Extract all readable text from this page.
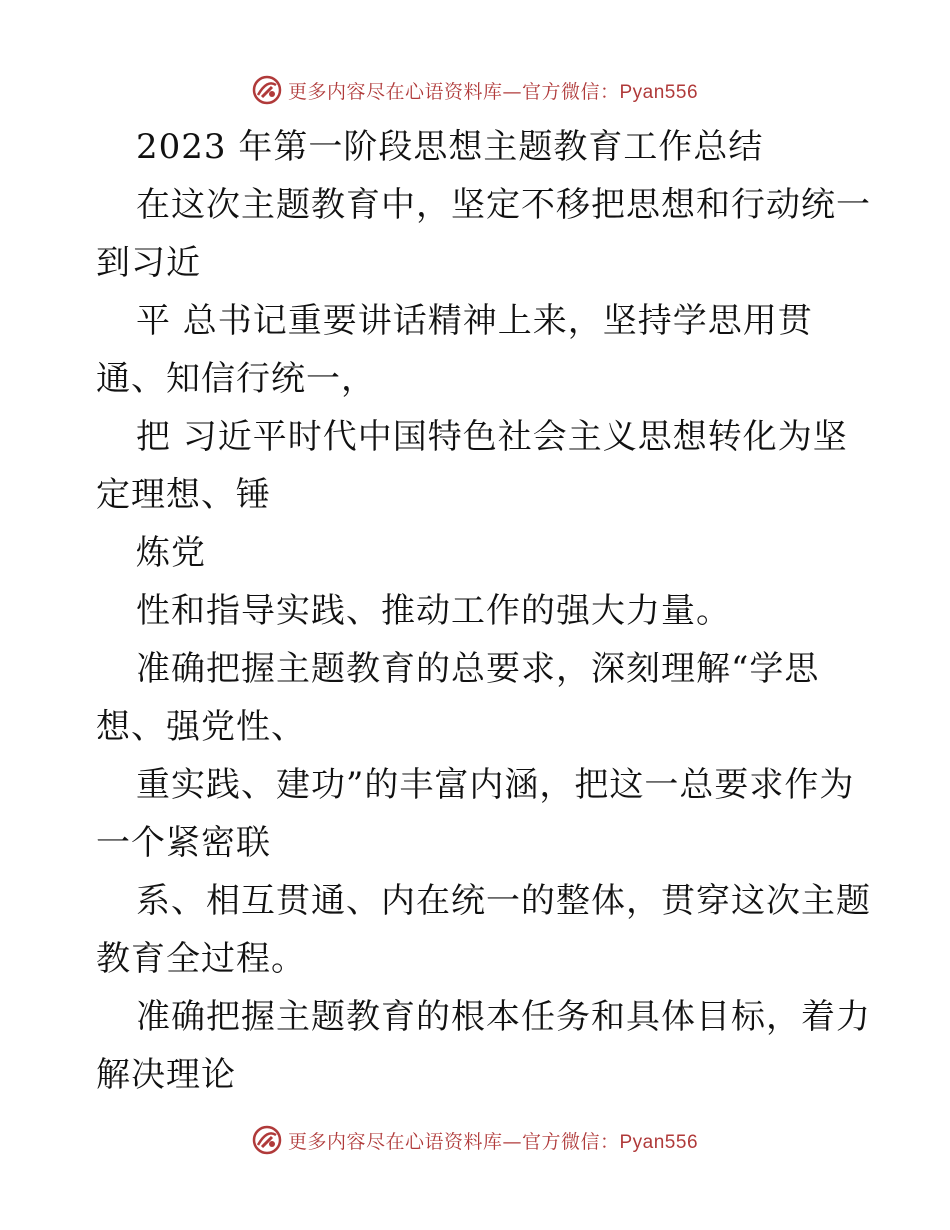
更多内容尽在心语资料库—官方微信：Pyan556
2023 年第一阶段思想主题教育工作总结
在这次主题教育中，坚定不移把思想和行动统一
到习近
平 总书记重要讲话精神上来，坚持学思用贯
通、知信行统一，
把 习近平时代中国特色社会主义思想转化为坚
定理想、锤
炼党
性和指导实践、推动工作的强大力量。
准确把握主题教育的总要求，深刻理解“学思
想、强党性、
重实践、建功”的丰富内涵，把这一总要求作为
一个紧密联
系、相互贯通、内在统一的整体，贯穿这次主题
教育全过程。
准确把握主题教育的根本任务和具体目标，着力
解决理论
更多内容尽在心语资料库—官方微信：Pyan556
